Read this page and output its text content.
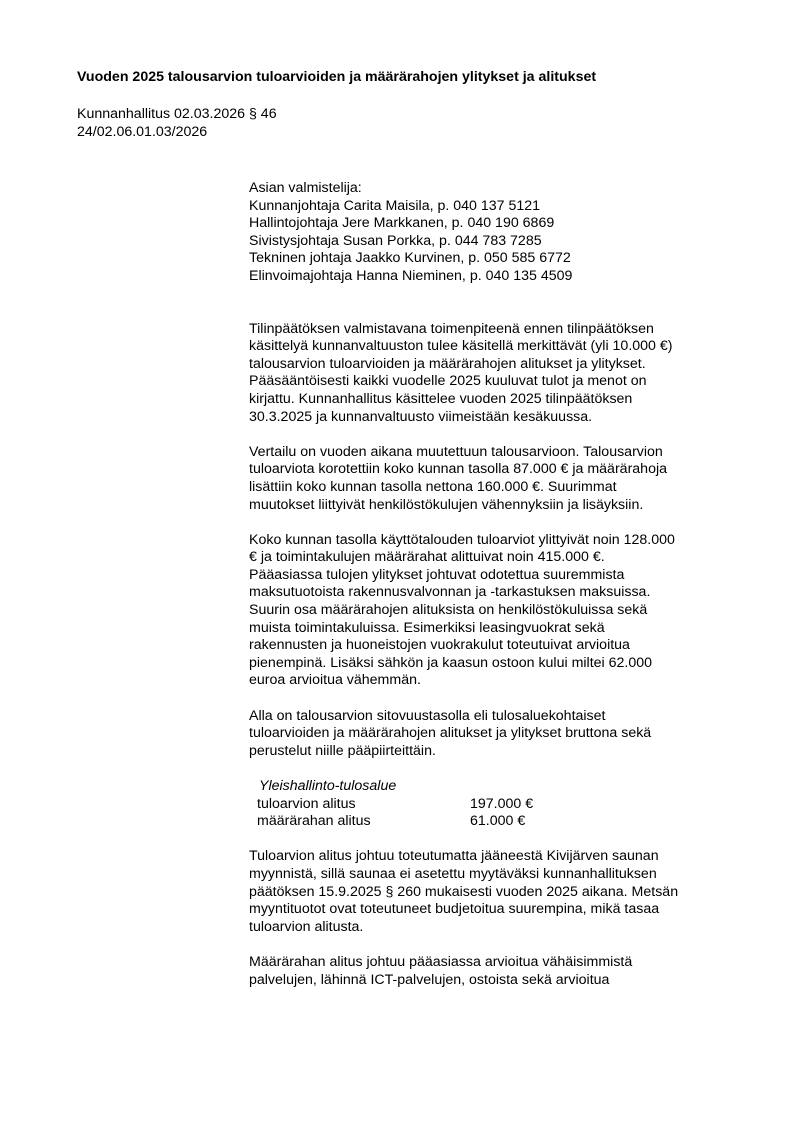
Vuoden 2025 talousarvion tuloarvioiden ja määrärahojen ylitykset ja alitukset
Kunnanhallitus 02.03.2026 § 46
24/02.06.01.03/2026
Asian valmistelija:
Kunnanjohtaja Carita Maisila, p. 040 137 5121
Hallintojohtaja Jere Markkanen, p. 040 190 6869
Sivistysjohtaja Susan Porkka, p. 044 783 7285
Tekninen johtaja Jaakko Kurvinen, p. 050 585 6772
Elinvoimajohtaja Hanna Nieminen, p. 040 135 4509
Tilinpäätöksen valmistavana toimenpiteenä ennen tilinpäätöksen
käsittelyä kunnanvaltuuston tulee käsitellä merkittävät (yli 10.000 €)
talousarvion tuloarvioiden ja määrärahojen alitukset ja ylitykset.
Pääsääntöisesti kaikki vuodelle 2025 kuuluvat tulot ja menot on
kirjattu. Kunnanhallitus käsittelee vuoden 2025 tilinpäätöksen
30.3.2025 ja kunnanvaltuusto viimeistään kesäkuussa.
Vertailu on vuoden aikana muutettuun talousarvioon. Talousarvion
tuloarviota korotettiin koko kunnan tasolla 87.000 € ja määrärahoja
lisättiin koko kunnan tasolla nettona 160.000 €. Suurimmat
muutokset liittyivät henkilöstökulujen vähennyksiin ja lisäyksiin.
Koko kunnan tasolla käyttötalouden tuloarviot ylittyivät noin 128.000
€ ja toimintakulujen määrärahat alittuivat noin 415.000 €.
Pääasiassa tulojen ylitykset johtuvat odotettua suuremmista
maksutuotoista rakennusvalvonnan ja -tarkastuksen maksuissa.
Suurin osa määrärahojen alituksista on henkilöstökuluissa sekä
muista toimintakuluissa. Esimerkiksi leasingvuokrat sekä
rakennusten ja huoneistojen vuokrakulut toteutuivat arvioitua
pienempinä. Lisäksi sähkön ja kaasun ostoon kului miltei 62.000
euroa arvioitua vähemmän.
Alla on talousarvion sitovuustasolla eli tulosaluekohtaiset
tuloarvioiden ja määrärahojen alitukset ja ylitykset bruttona sekä
perustelut niille pääpiirteittäin.
Yleishallinto-tulosalue
tuloarvion alitus	197.000 €
määrärahan alitus	61.000 €
Tuloarvion alitus johtuu toteutumatta jääneestä Kivijärven saunan
myynnistä, sillä saunaa ei asetettu myytäväksi kunnanhallituksen
päätöksen 15.9.2025 § 260 mukaisesti vuoden 2025 aikana. Metsän
myyntituotot ovat toteutuneet budjetoitua suurempina, mikä tasaa
tuloarvion alitusta.
Määrärahan alitus johtuu pääasiassa arvioitua vähäisimmistä
palvelujen, lähinnä ICT-palvelujen, ostoista sekä arvioitua
